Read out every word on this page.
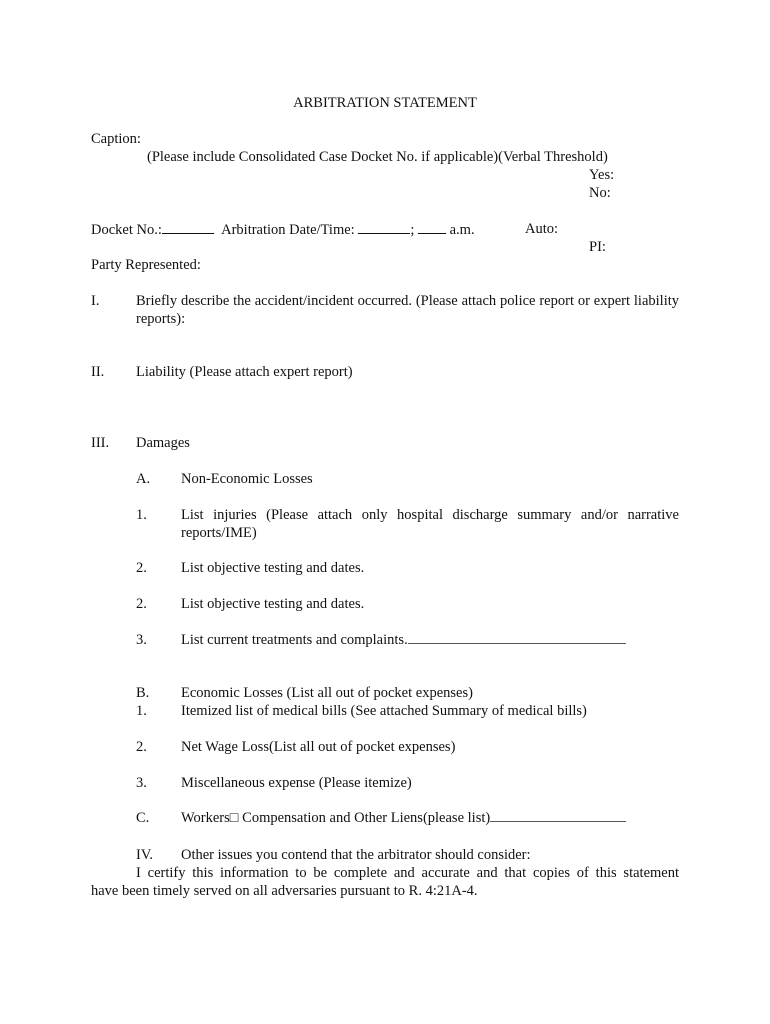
ARBITRATION STATEMENT
Caption:
(Please include Consolidated Case Docket No. if applicable)(Verbal Threshold)
Yes:
No:
Docket No.:	Arbitration Date/Time:	; a.m.	Auto:
PI:
Party Represented:
I.	Briefly describe the accident/incident occurred. (Please attach police report or expert liability reports):
II. Liability (Please attach expert report)
III. Damages
A. Non-Economic Losses
1. List injuries (Please attach only hospital discharge summary and/or narrative reports/IME)
2. List objective testing and dates.
2. List objective testing and dates.
3. List current treatments and complaints.
B. Economic Losses (List all out of pocket expenses)
1. Itemized list of medical bills (See attached Summary of medical bills)
2. Net Wage Loss(List all out of pocket expenses)
3. Miscellaneous expense (Please itemize)
C. Workers□ Compensation and Other Liens(please list)
IV. Other issues you contend that the arbitrator should consider:
I certify this information to be complete and accurate and that copies of this statement
have been timely served on all adversaries pursuant to R. 4:21A-4.
